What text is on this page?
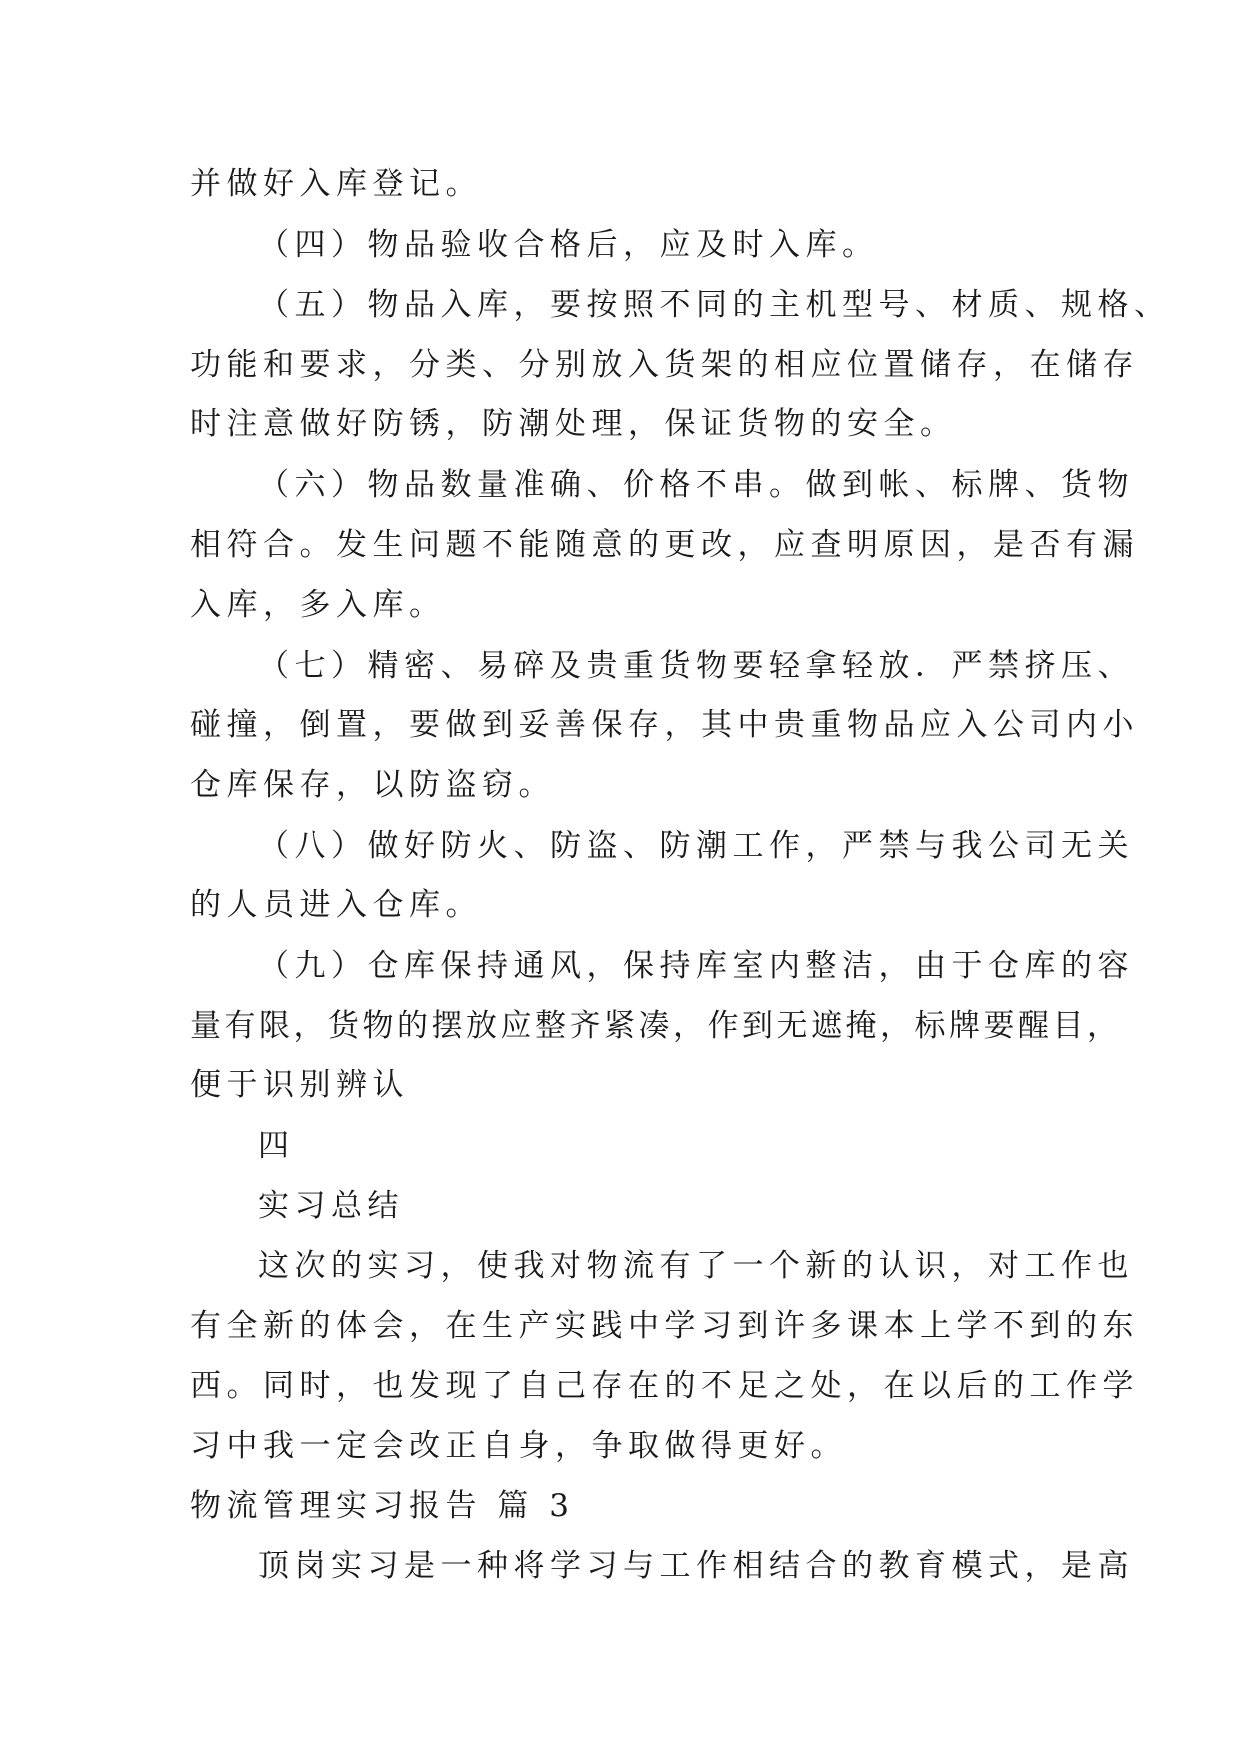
并做好入库登记。
（四）物品验收合格后，应及时入库。
（五）物品入库，要按照不同的主机型号、材质、规格、
功能和要求，分类、分别放入货架的相应位置储存，在储存
时注意做好防锈，防潮处理，保证货物的安全。
（六）物品数量准确、价格不串。做到帐、标牌、货物
相符合。发生问题不能随意的更改，应查明原因，是否有漏
入库，多入库。
（七）精密、易碎及贵重货物要轻拿轻放．严禁挤压、
碰撞，倒置，要做到妥善保存，其中贵重物品应入公司内小
仓库保存，以防盗窃。
（八）做好防火、防盗、防潮工作，严禁与我公司无关
的人员进入仓库。
（九）仓库保持通风，保持库室内整洁，由于仓库的容
量有限，货物的摆放应整齐紧凑，作到无遮掩，标牌要醒目，
便于识别辨认
四
实习总结
这次的实习，使我对物流有了一个新的认识，对工作也
有全新的体会，在生产实践中学习到许多课本上学不到的东
西。同时，也发现了自己存在的不足之处，在以后的工作学
习中我一定会改正自身，争取做得更好。
物流管理实习报告 篇 3
顶岗实习是一种将学习与工作相结合的教育模式，是高
